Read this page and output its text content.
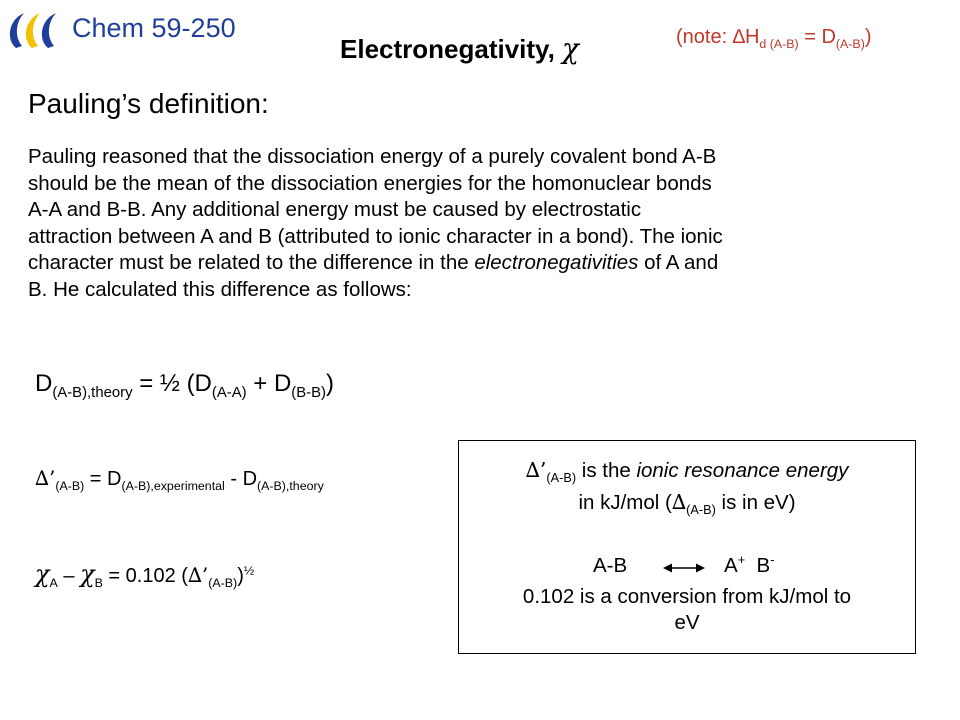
Chem 59-250
Electronegativity, χ	(note: $\Delta H_{d (A-B)} = D_{(A-B)}$)
Pauling’s definition:

Pauling reasoned that the dissociation energy of a purely covalent bond A-B
should be the mean of the dissociation energies for the homonuclear bonds
A-A and B-B. Any additional energy must be caused by electrostatic
attraction between A and B (attributed to ionic character in a bond). The ionic
character must be related to the difference in the electronegativities of A and
B. He calculated this difference as follows:

$D_{(A-B),theory}$ = ½ $(D_{(A-A)} + D_{(B-B)})$
$\Delta’_{(A-B)} = D_{(A-B),experimental} - D_{(A-B),theory}$
$\chi_A - \chi_B = 0.102$ $(\Delta’_{(A-B)})^{\frac{1}{2}}$
$\Delta’_{(A-B)}$ is the ionic resonance energy
in kJ/mol ($\Delta_{(A-B)}$ is in eV)
A-B	A+  B-
0.102 is a conversion from kJ/mol to
eV
